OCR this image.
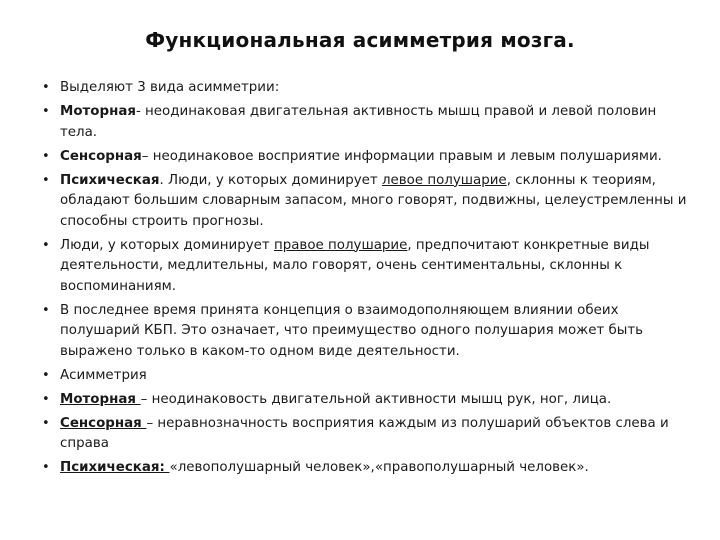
Функциональная асимметрия мозга.
• Выделяют 3 вида асимметрии:
• Моторная- неодинаковая двигательная активность мышц правой и левой половин тела.
• Сенсорная– неодинаковое восприятие информации правым и левым полушариями.
• Психическая. Люди, у которых доминирует левое полушарие, склонны к теориям, обладают большим словарным запасом, много говорят, подвижны, целеустремленны и способны строить прогнозы.
• Люди, у которых доминирует правое полушарие, предпочитают конкретные виды деятельности, медлительны, мало говорят, очень сентиментальны, склонны к воспоминаниям.
• В последнее время принята концепция о взаимодополняющем влиянии обеих полушарий КБП. Это означает, что преимущество одного полушария может быть выражено только в каком-то одном виде деятельности.
• Асимметрия
• Моторная – неодинаковость двигательной активности мышц рук, ног, лица.
• Сенсорная – неравнозначность восприятия каждым из полушарий объектов слева и справа
• Психическая: «левополушарный человек»,«правополушарный человек».
